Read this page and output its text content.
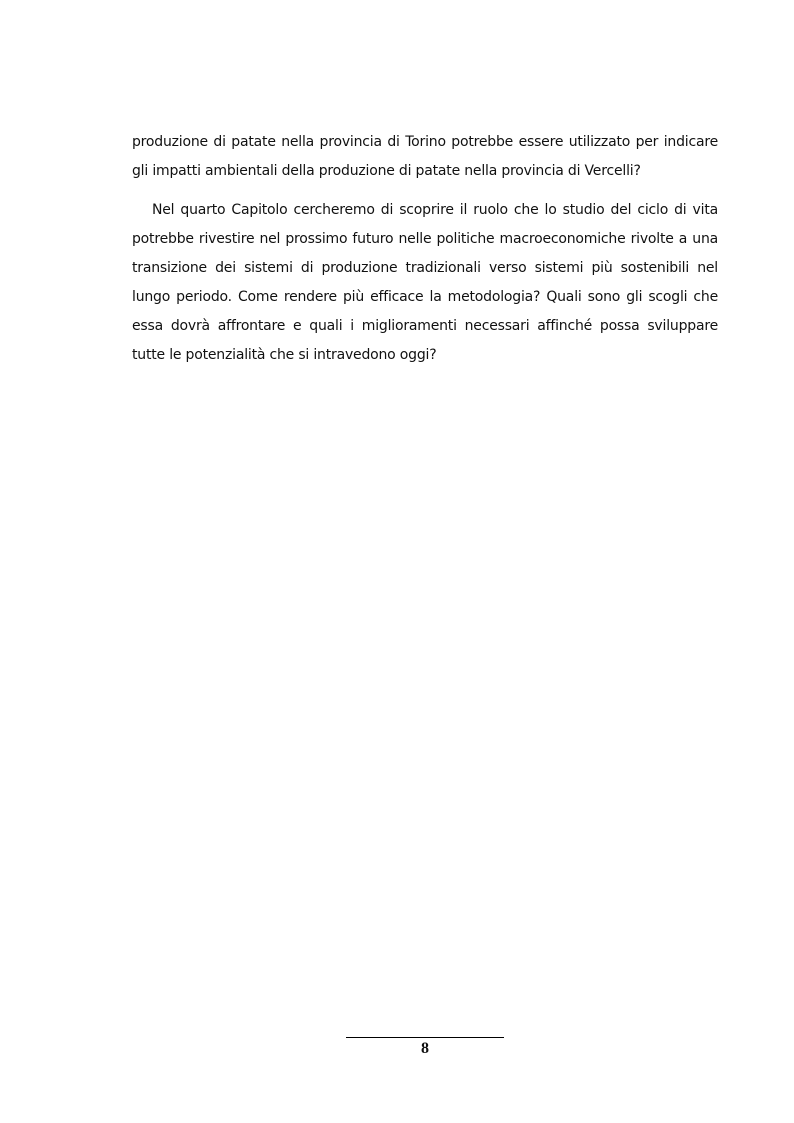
produzione di patate nella provincia di Torino potrebbe essere utilizzato per indicare gli impatti ambientali della produzione di patate nella provincia di Vercelli?

Nel quarto Capitolo cercheremo di scoprire il ruolo che lo studio del ciclo di vita potrebbe rivestire nel prossimo futuro nelle politiche macroeconomiche rivolte a una transizione dei sistemi di produzione tradizionali verso sistemi più sostenibili nel lungo periodo. Come rendere più efficace la metodologia? Quali sono gli scogli che essa dovrà affrontare e quali i miglioramenti necessari affinché possa sviluppare tutte le potenzialità che si intravedono oggi?

8
